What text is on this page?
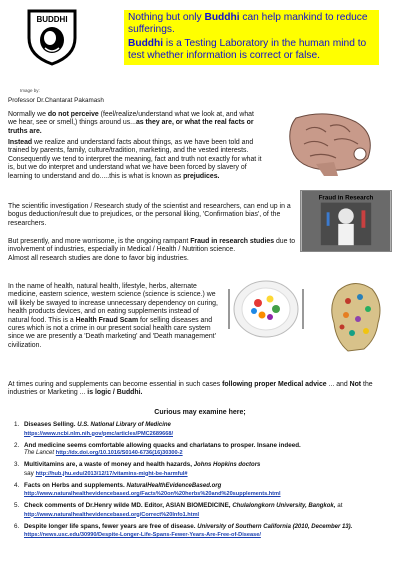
BUDDHI
Image by:
Professor Dr.Chantarat Pakamash

Nothing but only Buddhi can help mankind to reduce sufferings.

Buddhi is a Testing Laboratory in the human mind to test whether information is correct or false.

Normally we do not perceive (feel/realize/understand what we look at, and what we hear, see or smell,) things around us...as they are, or what the real facts or truths are.
Instead we realize and understand facts about things, as we have been told and trained by parents, family, culture/tradition, marketing, and the vested interests. Consequently we tend to interpret the meaning, fact and truth not exactly for what it is, but we do interpret and understand what we have been forced by slavery of learning to understand and do.....this is what is known as prejudices.
The scientific investigation / Research study of the scientist and researchers, can end up in a bogus deduction/result due to prejudices, or the personal liking, 'Confirmation bias', of the researchers.
Fraud in Research
But presently, and more worrisome, is the ongoing rampant Fraud in research studies due to involvement of industries, especially in Medical / Health / Nutrition science.
Almost all research studies are done to favor big industries.
In the name of health, natural health, lifestyle, herbs, alternate medicine, eastern science, western science (science is science.) we will likely be swayed to increase unnecessary dependency on curing, health products devices, and on eating supplements instead of natural food. This is a Health Fraud Scam for selling diseases and cures which is not a crime in our present social health care system since we are presently a 'Death marketing' and 'Death management' civilization.
At times curing and supplements can become essential in such cases following proper Medical advice ... and Not the industries or Marketing ... is logic / Buddhi.
Curious may examine here;
1. Diseases Selling. U.S. National Library of Medicine
https://www.ncbi.nlm.nih.gov/pmc/articles/PMC2689668/
2. And medicine seems comfortable allowing quacks and charlatans to prosper. Insane indeed.
The Lancet http://dx.doi.org/10.1016/S0140-6736(16)30300-2
3. Multivitamins are, a waste of money and health hazards, Johns Hopkins doctors
say http://hub.jhu.edu/2013/12/17/vitamins-might-be-harmful#
4. Facts on Herbs and supplements. NaturalHealthEvidenceBased.org
http://www.naturalhealthevidencebased.org/Facts%20on%20herbs%20and%20supplements.html
5. Check comments of Dr.Henry wilde MD. Editor, ASIAN BIOMEDICINE, Chulalongkorn University, Bangkok, at http://www.naturalhealthevidencebased.org/Correct%20Info1.html
6. Despite longer life spans, fewer years are free of disease. University of Southern California (2010, December 13). https://news.usc.edu/30990/Despite-Longer-Life-Spans-Fewer-Years-Are-Free-of-Disease/
